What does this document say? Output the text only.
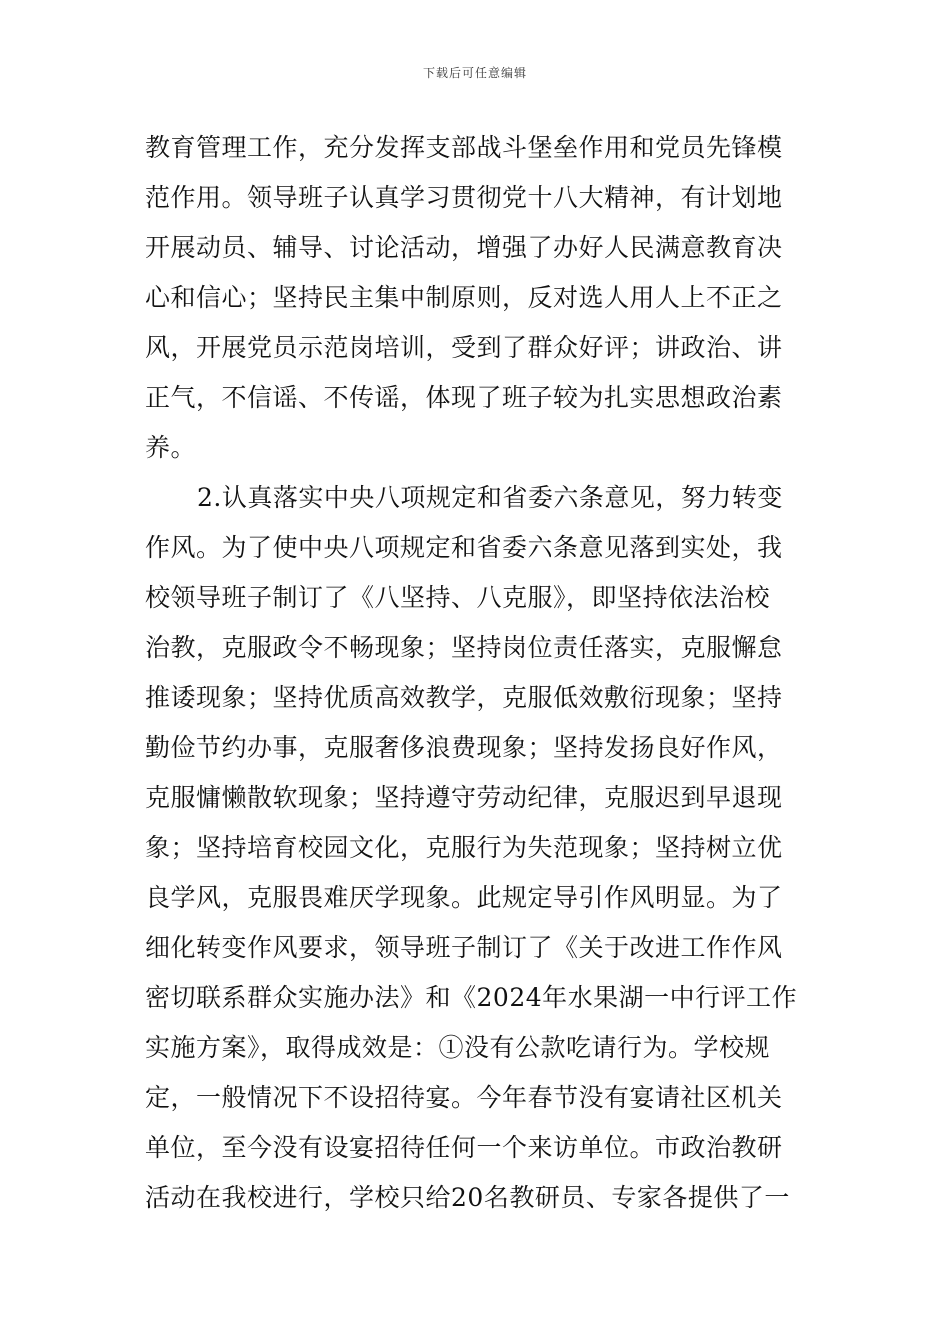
下载后可任意编辑
教育管理工作，充分发挥支部战斗堡垒作用和党员先锋模
范作用。领导班子认真学习贯彻党十八大精神，有计划地
开展动员、辅导、讨论活动，增强了办好人民满意教育决
心和信心；坚持民主集中制原则，反对选人用人上不正之
风，开展党员示范岗培训，受到了群众好评；讲政治、讲
正气，不信谣、不传谣，体现了班子较为扎实思想政治素
养。
2.认真落实中央八项规定和省委六条意见，努力转变
作风。为了使中央八项规定和省委六条意见落到实处，我
校领导班子制订了《八坚持、八克服》，即坚持依法治校
治教，克服政令不畅现象；坚持岗位责任落实，克服懈怠
推诿现象；坚持优质高效教学，克服低效敷衍现象；坚持
勤俭节约办事，克服奢侈浪费现象；坚持发扬良好作风，
克服慵懒散软现象；坚持遵守劳动纪律，克服迟到早退现
象；坚持培育校园文化，克服行为失范现象；坚持树立优
良学风，克服畏难厌学现象。此规定导引作风明显。为了
细化转变作风要求，领导班子制订了《关于改进工作作风
密切联系群众实施办法》和《2024年水果湖一中行评工作
实施方案》，取得成效是：①没有公款吃请行为。学校规
定，一般情况下不设招待宴。今年春节没有宴请社区机关
单位，至今没有设宴招待任何一个来访单位。市政治教研
活动在我校进行，学校只给20名教研员、专家各提供了一
